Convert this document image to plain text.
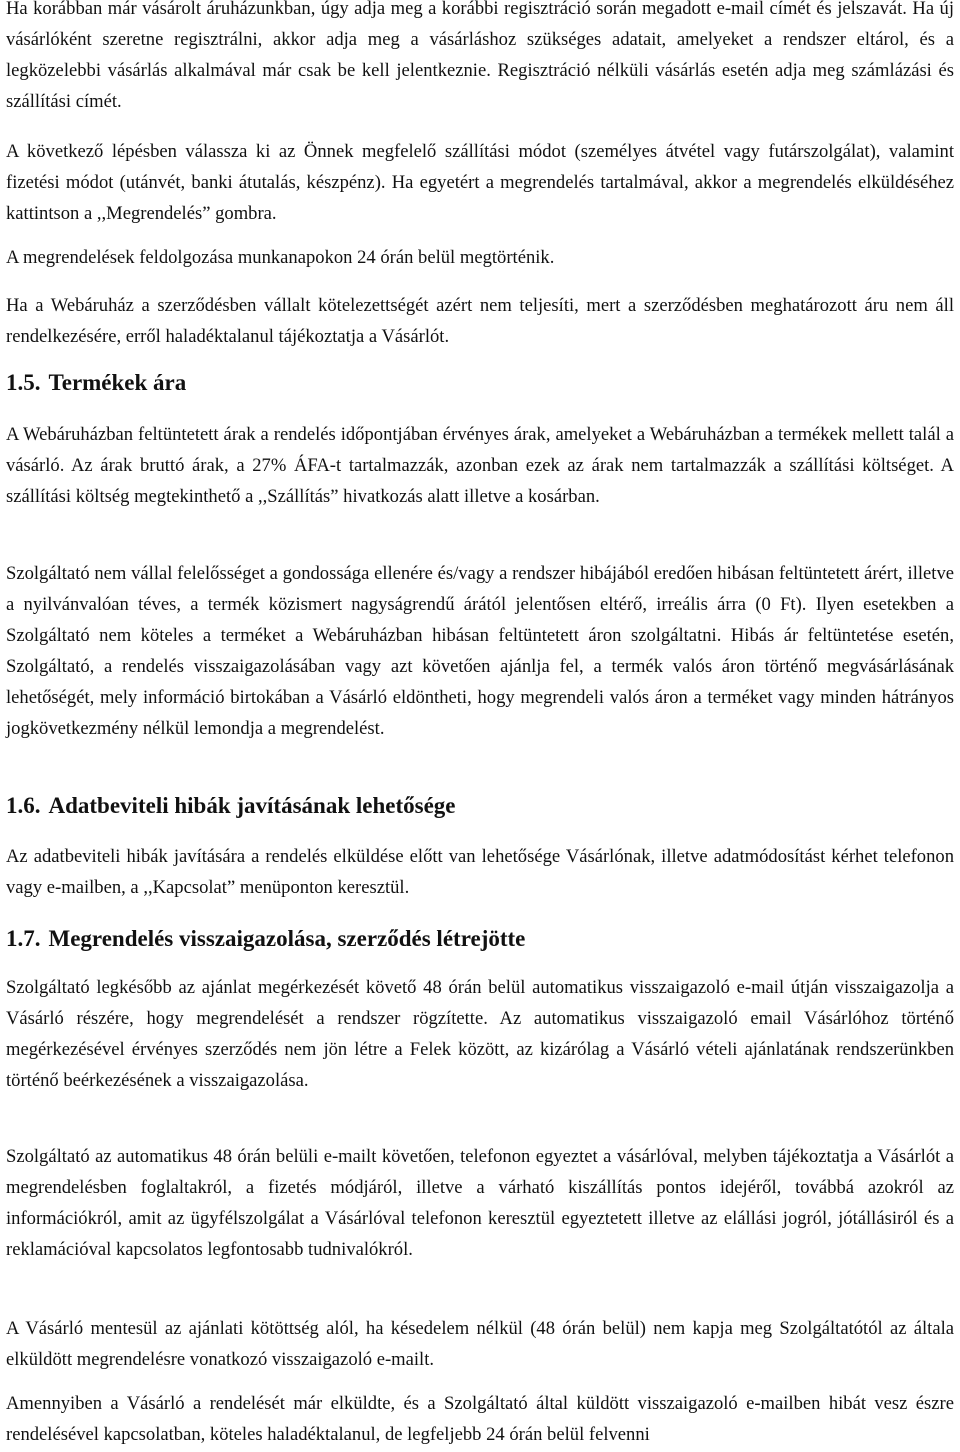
Ha korábban már vásárolt áruházunkban, úgy adja meg a korábbi regisztráció során megadott e-mail címét és jelszavát. Ha új vásárlóként szeretne regisztrálni, akkor adja meg a vásárláshoz szükséges adatait, amelyeket a rendszer eltárol, és a legközelebbi vásárlás alkalmával már csak be kell jelentkeznie. Regisztráció nélküli vásárlás esetén adja meg számlázási és szállítási címét.

A következő lépésben válassza ki az Önnek megfelelő szállítási módot (személyes átvétel vagy futárszolgálat), valamint fizetési módot (utánvét, banki átutalás, készpénz). Ha egyetért a megrendelés tartalmával, akkor a megrendelés elküldéséhez kattintson a ,,Megrendelés” gombra.

A megrendelések feldolgozása munkanapokon 24 órán belül megtörténik.

Ha a Webáruház a szerződésben vállalt kötelezettségét azért nem teljesíti, mert a szerződésben meghatározott áru nem áll rendelkezésére, erről haladéktalanul tájékoztatja a Vásárlót.

1.5. Termékek ára

A Webáruházban feltüntetett árak a rendelés időpontjában érvényes árak, amelyeket a Webáruházban a termékek mellett talál a vásárló. Az árak bruttó árak, a 27% ÁFA-t tartalmazzák, azonban ezek az árak nem tartalmazzák a szállítási költséget. A szállítási költség megtekinthető a ,,Szállítás” hivatkozás alatt illetve a kosárban.

Szolgáltató nem vállal felelősséget a gondossága ellenére és/vagy a rendszer hibájából eredően hibásan feltüntetett árért, illetve a nyilvánvalóan téves, a termék közismert nagyságrendű árától jelentősen eltérő, irreális árra (0 Ft). Ilyen esetekben a Szolgáltató nem köteles a terméket a Webáruházban hibásan feltüntetett áron szolgáltatni. Hibás ár feltüntetése esetén, Szolgáltató, a rendelés visszaigazolásában vagy azt követően ajánlja fel, a termék valós áron történő megvásárlásának lehetőségét, mely információ birtokában a Vásárló eldöntheti, hogy megrendeli valós áron a terméket vagy minden hátrányos jogkövetkezmény nélkül lemondja a megrendelést.

1.6. Adatbeviteli hibák javításának lehetősége

Az adatbeviteli hibák javítására a rendelés elküldése előtt van lehetősége Vásárlónak, illetve adatmódosítást kérhet telefonon vagy e-mailben, a ,,Kapcsolat” menüponton keresztül.

1.7. Megrendelés visszaigazolása, szerződés létrejötte

Szolgáltató legkésőbb az ajánlat megérkezését követő 48 órán belül automatikus visszaigazoló e-mail útján visszaigazolja a Vásárló részére, hogy megrendelését a rendszer rögzítette. Az automatikus visszaigazoló email Vásárlóhoz történő megérkezésével érvényes szerződés nem jön létre a Felek között, az kizárólag a Vásárló vételi ajánlatának rendszerünkben történő beérkezésének a visszaigazolása.

Szolgáltató az automatikus 48 órán belüli e-mailt követően, telefonon egyeztet a vásárlóval, melyben tájékoztatja a Vásárlót a megrendelésben foglaltakról, a fizetés módjáról, illetve a várható kiszállítás pontos idejéről, továbbá azokról az információkról, amit az ügyfélszolgálat a Vásárlóval telefonon keresztül egyeztetett illetve az elállási jogról, jótállásiról és a reklamációval kapcsolatos legfontosabb tudnivalókról.

A Vásárló mentesül az ajánlati kötöttség alól, ha késedelem nélkül (48 órán belül) nem kapja meg Szolgáltatótól az általa elküldött megrendelésre vonatkozó visszaigazoló e-mailt.

Amennyiben a Vásárló a rendelését már elküldte, és a Szolgáltató által küldött visszaigazoló e-mailben hibát vesz észre rendelésével kapcsolatban, köteles haladéktalanul, de legfeljebb 24 órán belül felvenni
